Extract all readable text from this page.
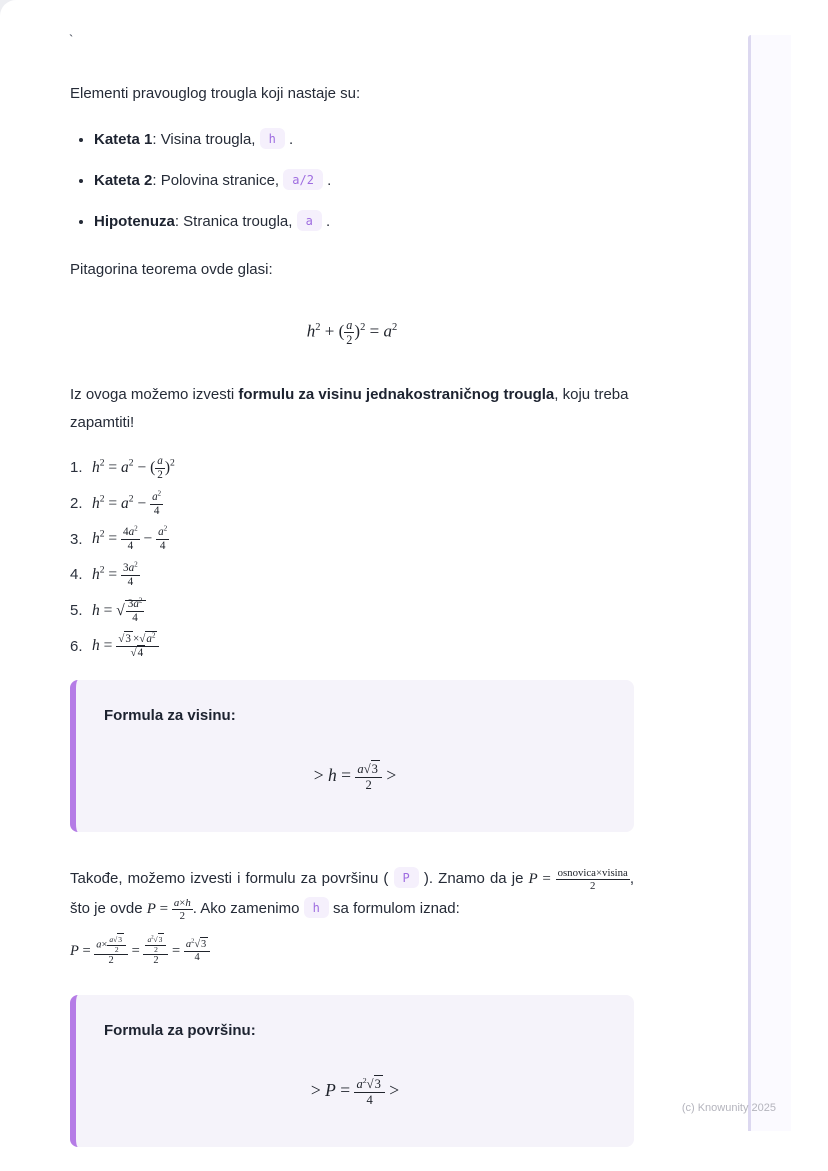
`

Elementi pravouglog trougla koji nastaje su:

• Kateta 1: Visina trougla, h .
• Kateta 2: Polovina stranice, a/2 .
• Hipotenuza: Stranica trougla, a .

Pitagorina teorema ovde glasi:

$h^2$ + ( $\frac{a}{2} )^2 = a^2$

Iz ovoga možemo izvesti formulu za visinu jednakostraničnog trougla, koju treba zapamtiti!

1. $h^2 = a^2$ − ( $\frac{a}{2} )^2$
2. $h^2 = a^2 - \frac{a^2}{4}$
3. $h^2 = \frac{4a^2}{4} - \frac{a^2}{4}$
4. $h^2 = \frac{3a^2}{4}$
5. h = √ $\frac{3a^2}{4}$
6. $h = \frac{√3 \times√a^2}{√4}$
Formula za visinu:
> $h = \frac{a√3}{2}$ >

Takođe, možemo izvesti i formulu za površinu ( P ). Znamo da je $P = \frac{\text{osnovica×visina}}{2}$ , što je ovde $P = \frac{a\times h}{2}$ . Ako zamenimo h sa formulom iznad:

$P = \frac{a\times \frac{a√3}{2}}{2} = \frac{\frac{a^2√3}{2}}{2} = \frac{a^2√3}{4}$

Formula za površinu:
> $P = \frac{a^2√3}{4}$ >
(c) Knowunity 2025
